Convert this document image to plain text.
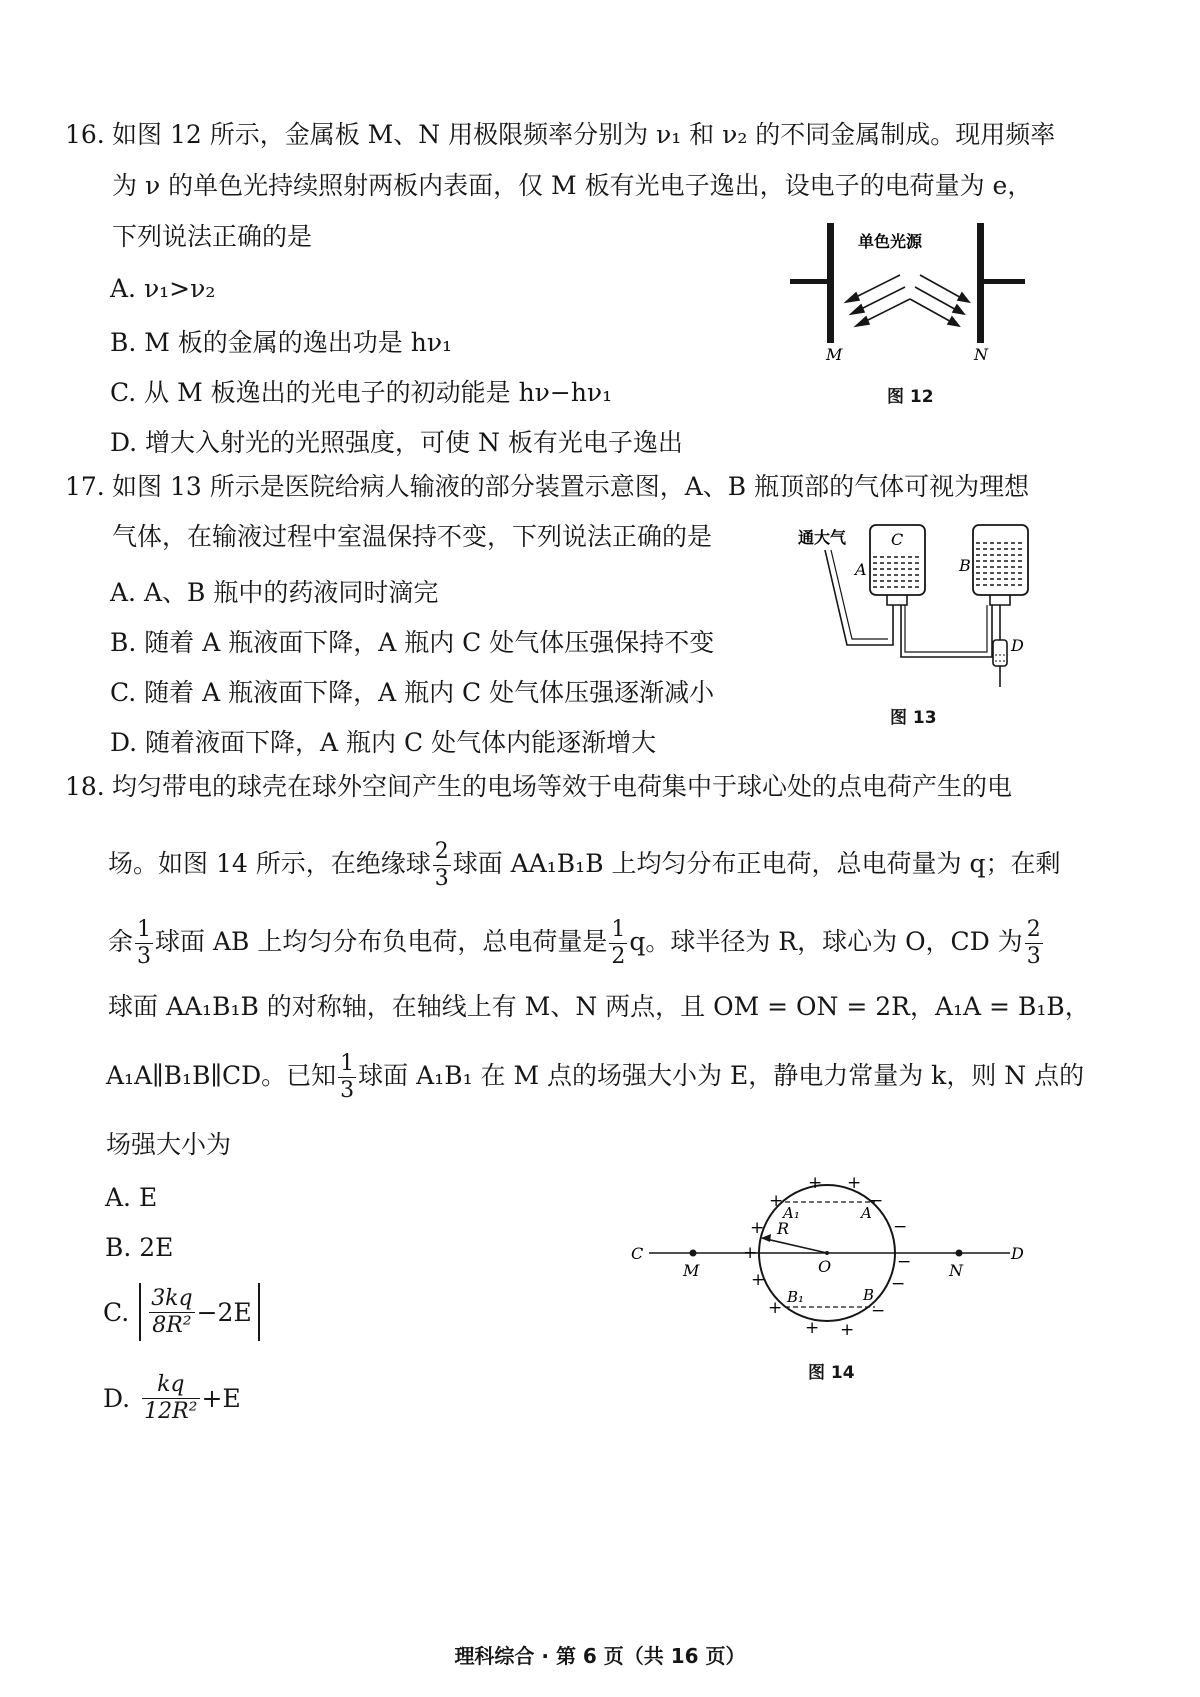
16. 如图 12 所示，金属板 M、N 用极限频率分别为 ν₁ 和 ν₂ 的不同金属制成。现用频率
为 ν 的单色光持续照射两板内表面，仅 M 板有光电子逸出，设电子的电荷量为 e，
下列说法正确的是
A. ν₁>ν₂
B. M 板的金属的逸出功是 hν₁
C. 从 M 板逸出的光电子的初动能是 hν−hν₁
D. 增大入射光的光照强度，可使 N 板有光电子逸出
单色光源
M	N
图 12
17. 如图 13 所示是医院给病人输液的部分装置示意图，A、B 瓶顶部的气体可视为理想
气体，在输液过程中室温保持不变，下列说法正确的是
A. A、B 瓶中的药液同时滴完
B. 随着 A 瓶液面下降，A 瓶内 C 处气体压强保持不变
C. 随着 A 瓶液面下降，A 瓶内 C 处气体压强逐渐减小
D. 随着液面下降，A 瓶内 C 处气体内能逐渐增大
通大气	C
A	B
D
图 13
18. 均匀带电的球壳在球外空间产生的电场等效于电荷集中于球心处的点电荷产生的电
场。如图 14 所示，在绝缘球 $\frac{2}{3}$ 球面 AA₁B₁B 上均匀分布正电荷，总电荷量为 q；在剩
余 $\frac{1}{3}$ 球面 AB 上均匀分布负电荷，总电荷量是 $\frac{1}{2}$ q。球半径为 R，球心为 O，CD 为 $\frac{2}{3}$
球面 AA₁B₁B 的对称轴，在轴线上有 M、N 两点，且 OM = ON = 2R，A₁A = B₁B，
A₁A∥B₁B∥CD。已知 $\frac{1}{3}$ 球面 A₁B₁ 在 M 点的场强大小为 E，静电力常量为 k，则 N 点的
场强大小为
A. E
B. 2E
C. $\frac{3kq}{\text{8R²}} -2E$
D. $\frac{kq}{\text{12R²}} +E$
C	D
M	N
O
R
A₁	A
B₁	B
+ +
+
+
+
+
+
+ +
−
−
−
−
−
图 14
理科综合 · 第 6 页（共 16 页）
